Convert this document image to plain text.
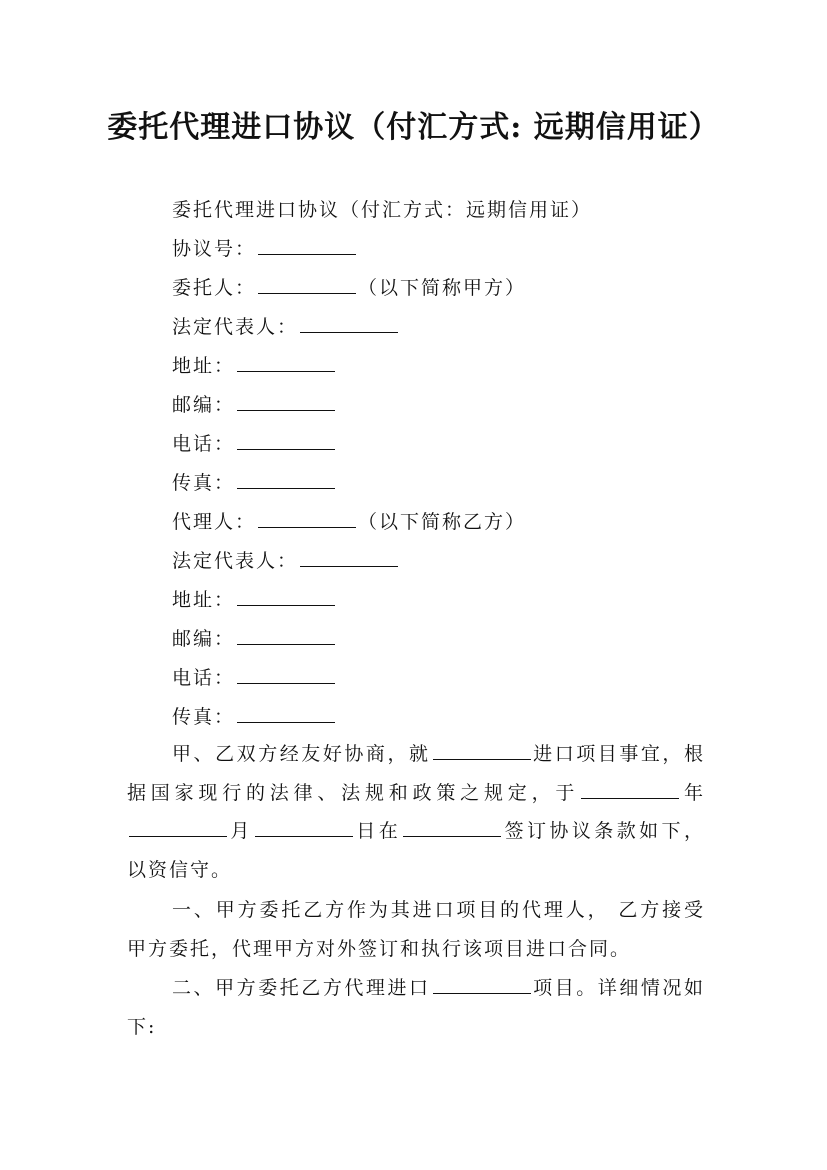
委托代理进口协议（付汇方式: 远期信用证）
委托代理进口协议（付汇方式：远期信用证）
协议号：
委托人：	（以下简称甲方）
法定代表人：
地址：
邮编：
电话：
传真：
代理人：	（以下简称乙方）
法定代表人：
地址：
邮编：
电话：
传真：
甲、乙双方经友好协商，就	进口项目事宜，根据国家现行的法律、法规和政策之规定，于	年月	日在	签订协议条款如下，以资信守。
一、甲方委托乙方作为其进口项目的代理人， 乙方接受甲方委托，代理甲方对外签订和执行该项目进口合同。
二、甲方委托乙方代理进口	项目。详细情况如下:
